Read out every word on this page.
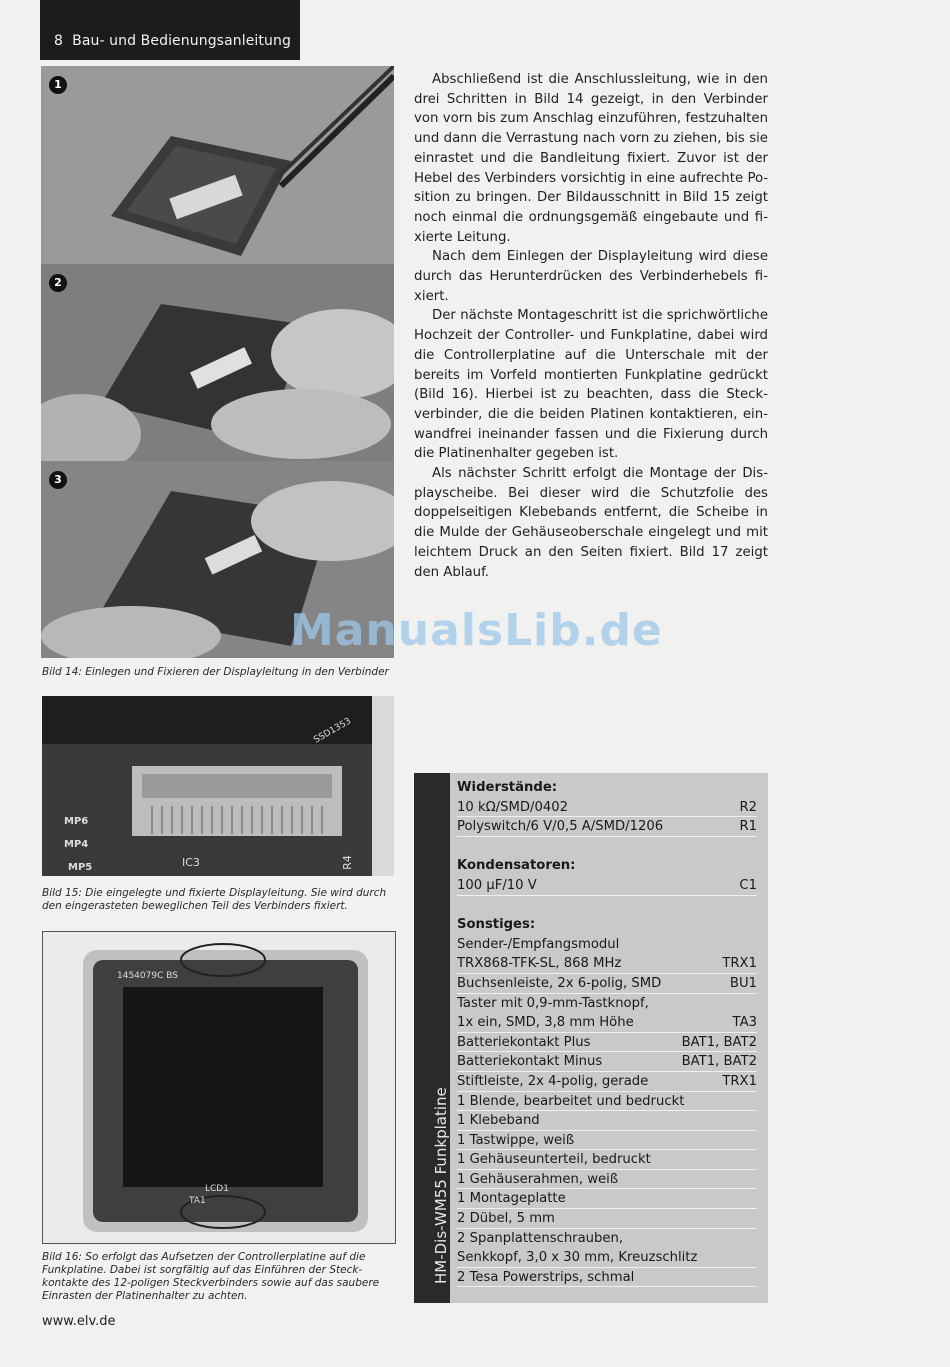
8 Bau- und Bedienungsanleitung
1
2
3
Bild 14: Einlegen und Fixieren der Displayleitung in den Verbinder
MP6
MP4
MP5	IC3	R4
SSD1353
Bild 15: Die eingelegte und fixierte Displayleitung. Sie wird durch
den eingerasteten beweglichen Teil des Verbinders fixiert.
1454079C BS
LCD1
TA1
Bild 16: So erfolgt das Aufsetzen der Controllerplatine auf die
Funkplatine. Dabei ist sorgfältig auf das Einführen der Steck-
kontakte des 12-poligen Steckverbinders sowie auf das saubere
Einrasten der Platinenhalter zu achten.

Abschließend ist die Anschlussleitung, wie in den drei Schritten in Bild 14 gezeigt, in den Verbinder von vorn bis zum Anschlag einzuführen, festzuhalten und dann die Verrastung nach vorn zu ziehen, bis sie einrastet und die Bandleitung fixiert. Zuvor ist der Hebel des Verbinders vorsichtig in eine aufrechte Position zu bringen. Der Bildausschnitt in Bild 15 zeigt noch einmal die ordnungsgemäß eingebaute und fixierte Leitung.

Nach dem Einlegen der Displayleitung wird diese durch das Herunterdrücken des Verbinderhebels fixiert.

Der nächste Montageschritt ist die sprichwörtliche Hochzeit der Controller- und Funkplatine, dabei wird die Controllerplatine auf die Unterschale mit der bereits im Vorfeld montierten Funkplatine gedrückt (Bild 16). Hierbei ist zu beachten, dass die Steckverbinder, die die beiden Platinen kontaktieren, einwandfrei ineinander fassen und die Fixierung durch die Platinenhalter gegeben ist.

Als nächster Schritt erfolgt die Montage der Displayscheibe. Bei dieser wird die Schutzfolie des doppelseitigen Klebebands entfernt, die Scheibe in die Mulde der Gehäuseoberschale eingelegt und mit leichtem Druck an den Seiten fixiert. Bild 17 zeigt den Ablauf.

ManualsLib.de
HM-Dis-WM55 Funkplatine
Widerstände:
10 kΩ/SMD/0402	R2
Polyswitch/6 V/0,5 A/SMD/1206	R1
Kondensatoren:
100 µF/10 V	C1
Sonstiges:
Sender-/Empfangsmodul
TRX868-TFK-SL, 868 MHz	TRX1
Buchsenleiste, 2x 6-polig, SMD	BU1
Taster mit 0,9-mm-Tastknopf,
1x ein, SMD, 3,8 mm Höhe	TA3
Batteriekontakt Plus	BAT1, BAT2
Batteriekontakt Minus	BAT1, BAT2
Stiftleiste, 2x 4-polig, gerade	TRX1
1 Blende, bearbeitet und bedruckt
1 Klebeband
1 Tastwippe, weiß
1 Gehäuseunterteil, bedruckt
1 Gehäuserahmen, weiß
1 Montageplatte
2 Dübel, 5 mm
2 Spanplattenschrauben,
Senkkopf, 3,0 x 30 mm, Kreuzschlitz
2 Tesa Powerstrips, schmal
www.elv.de
